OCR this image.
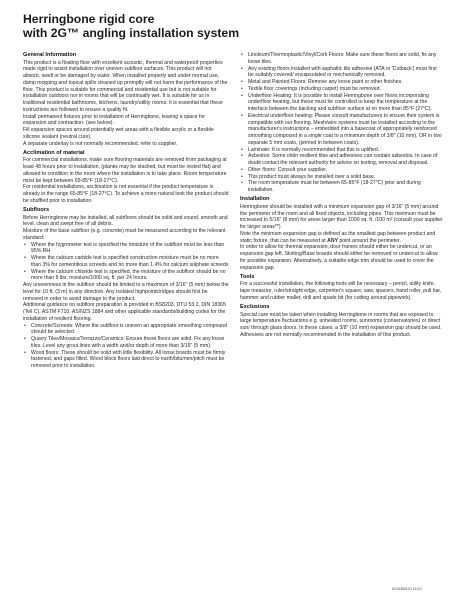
Herringbone rigid core
with 2G™ angling installation system
General Information

This product is a floating floor with excellent acoustic, thermal and waterproof properties made rigid to assist installation over uneven subfloor surfaces. This product will not absorb, swell or be damaged by water. When installed properly and under normal use, damp mopping and topical spills cleaned up promptly will not harm the performance of the floor. This product is suitable for commercial and residential use but is not suitable for installation outdoors nor in rooms that will be continually wet. It is suitable for us in traditional residential bathrooms, kitchens, laundry/utility rooms. It is essential that these instructions are followed to ensure a quality fit.

Install permanent fixtures prior to installation of Herringbone, leaving a space for expansion and contraction. (see below).

Fill expansion spaces around potentially wet areas with a flexible acrylic or a flexible silicone sealant (neutral cure).

A separate underlay is not normally recommended, refer to supplier.

Acclimation of material

For commercial installations, make sure flooring materials are removed from packaging at least 48 hours prior to installation, (planks may be stacked, but must be rested flat) and allowed to condition in the room where the installation is to take place. Room temperature must be kept between 65-85°F (18-27°C).

For residential installations, acclimation is not essential if the product temperature is already in the range 65-85°F (18-27°C). To achieve a more natural look the product should be shuffled prior to installation.

Subfloors

Before Herringbone may be installed, all subfloors should be solid and sound, smooth and level, clean and swept free of all debris.

Moisture of the base subfloor (e.g. concrete) must be measured according to the relevant standard:

• Where the hygrometer test is specified the moisture of the subfloor must be less than 95% RH
• Where the calcium carbide test is specified construction moisture must be no more than 3% for cementitious screeds and no more than 1.4% for calcium sulphate screeds
• Where the calcium chloride test is specified, the moisture of the subfloor should be no more than 8 lbs. moisture/1000 sq. ft. per 24 hours.

Any unevenness in the subfloor should be limited to a maximum of 3/16" (5 mm) below the level for 10 ft. (3 m) in any direction. Any isolated highpoints/ridges should first be removed in order to avoid damage to the product.

Additional guidance on subfloor preparation is provided in BS8203, DTU 53.2, DIN 18365 (Teil C), ASTM F710, AS/NZS 1884 and other applicable standards/building codes for the installation of resilient flooring.

• Concrete/Screeds: Where the subfloor is uneven an appropriate smoothing compound should be selected.
• Quarry Tiles/Mosaics/Terrazzo/Ceramics: Ensure these floors are solid. Fix any loose tiles. Level any grout lines with a width and/or depth of more than 3/16" (5 mm).
• Wood floors: These should be solid with little flexibility. All loose boards must be firmly fastened, and gaps filled. Wood block floors laid direct to earth/bitumen/pitch must be removed prior to installation.
• Linoleum/Thermoplastic/Vinyl/Cork Floors: Make sure these floors are solid, fix any loose tiles.
• Any existing floors installed with asphaltic tile adhesive (ATA or 'Cutback') must first be suitably covered/ encapsulated or mechanically removed.
• Metal and Painted Floors: Remove any loose paint or other finishes.
• Textile floor coverings (including carpet) must be removed.
• Underfloor Heating: It is possible to install Herringbone over floors incorporating underfloor heating, but these must be controlled to keep the temperature at the interface between the backing and subfloor surface at no more than 85°F (27°C).
• Electrical underfloor heating: Please consult manufacturers to ensure their system is compatible with our flooring. Mesh/wire systems must be installed according to the manufacturer's instructions – embedded into a basecoat of appropriately reinforced smoothing compound in a single coat to a minimum depth of 3/8" (10 mm), OR in two separate 5 mm coats, (primed in between coats).
• Laminate: It is normally recommended that this is uplifted.
• Asbestos: Some older resilient tiles and adhesives can contain asbestos. In case of doubt contact the relevant authority for advice on testing, removal and disposal.
• Other floors: Consult your supplier.
• This product must always be installed over a solid base.
• The room temperature must be between 65-85°F (18-27°C) prior and during installation.
Installation

Herringbone should be installed with a minimum expansion gap of 3/16" (5 mm) around the perimeter of the room and all fixed objects, including pipes. This minimum must be increased to 5/16" (8 mm) for areas larger than 1000 sq. ft. /100 m² (consult your supplier for larger areas**)

Note the minimum expansion gap is defined as the smallest gap between product and static fixture, that can be measured at ANY point around the perimeter.

In order to allow for thermal expansion, door frames should either be undercut, or an expansion gap left. Skirting/Base boards should either be removed or undercut to allow for possible expansion. Alternatively, a suitable edge trim should be used to cover the expansion gap.

Tools

For a successful installation, the following tools will be necessary – pencil, utility knife, tape measure, ruler/straight edge, carpenter's square, saw, spacers, hand roller, pull bar, hammer and rubber mallet, drill and spade bit (for cutting around pipework).

Exclusions

Special care must be taken when installing Herringbone in rooms that are exposed to large temperature fluctuations e.g. unheated rooms, sunrooms (conservatories) or direct sun/ through glass doors. In these cases, a 3/8" (10 mm) expansion gap should be used.

Adhesives are not normally recommended in the installation of this product.

K015350UO 11/19
